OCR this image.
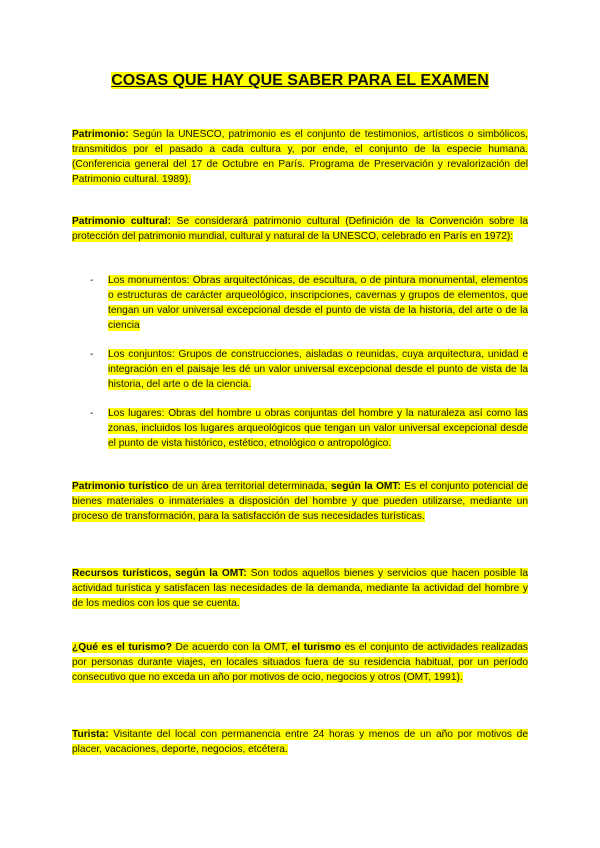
COSAS QUE HAY QUE SABER PARA EL EXAMEN
Patrimonio: Según la UNESCO, patrimonio es el conjunto de testimonios, artísticos o simbólicos, transmitidos por el pasado a cada cultura y, por ende, el conjunto de la especie humana. (Conferencia general del 17 de Octubre en París. Programa de Preservación y revalorización del Patrimonio cultural. 1989).
Patrimonio cultural: Se considerará patrimonio cultural (Definición de la Convención sobre la protección del patrimonio mundial, cultural y natural de la UNESCO, celebrado en París en 1972):
- Los monumentos: Obras arquitectónicas, de escultura, o de pintura monumental, elementos o estructuras de carácter arqueológico, inscripciones, cavernas y grupos de elementos, que tengan un valor universal excepcional desde el punto de vista de la historia, del arte o de la ciencia
- Los conjuntos: Grupos de construcciones, aisladas o reunidas, cuya arquitectura, unidad e integración en el paisaje les dé un valor universal excepcional desde el punto de vista de la historia, del arte o de la ciencia.
- Los lugares: Obras del hombre u obras conjuntas del hombre y la naturaleza así como las zonas, incluidos los lugares arqueológicos que tengan un valor universal excepcional desde el punto de vista histórico, estético, etnológico o antropológico.
Patrimonio turístico de un área territorial determinada, según la OMT: Es el conjunto potencial de bienes materiales o inmateriales a disposición del hombre y que pueden utilizarse, mediante un proceso de transformación, para la satisfacción de sus necesidades turísticas.
Recursos turísticos, según la OMT: Son todos aquellos bienes y servicios que hacen posible la actividad turística y satisfacen las necesidades de la demanda, mediante la actividad del hombre y de los medios con los que se cuenta.
¿Qué es el turismo? De acuerdo con la OMT, el turismo es el conjunto de actividades realizadas por personas durante viajes, en locales situados fuera de su residencia habitual, por un período consecutivo que no exceda un año por motivos de ocio, negocios y otros (OMT, 1991).
Turista: Visitante del local con permanencia entre 24 horas y menos de un año por motivos de placer, vacaciones, deporte, negocios, etcétera.
